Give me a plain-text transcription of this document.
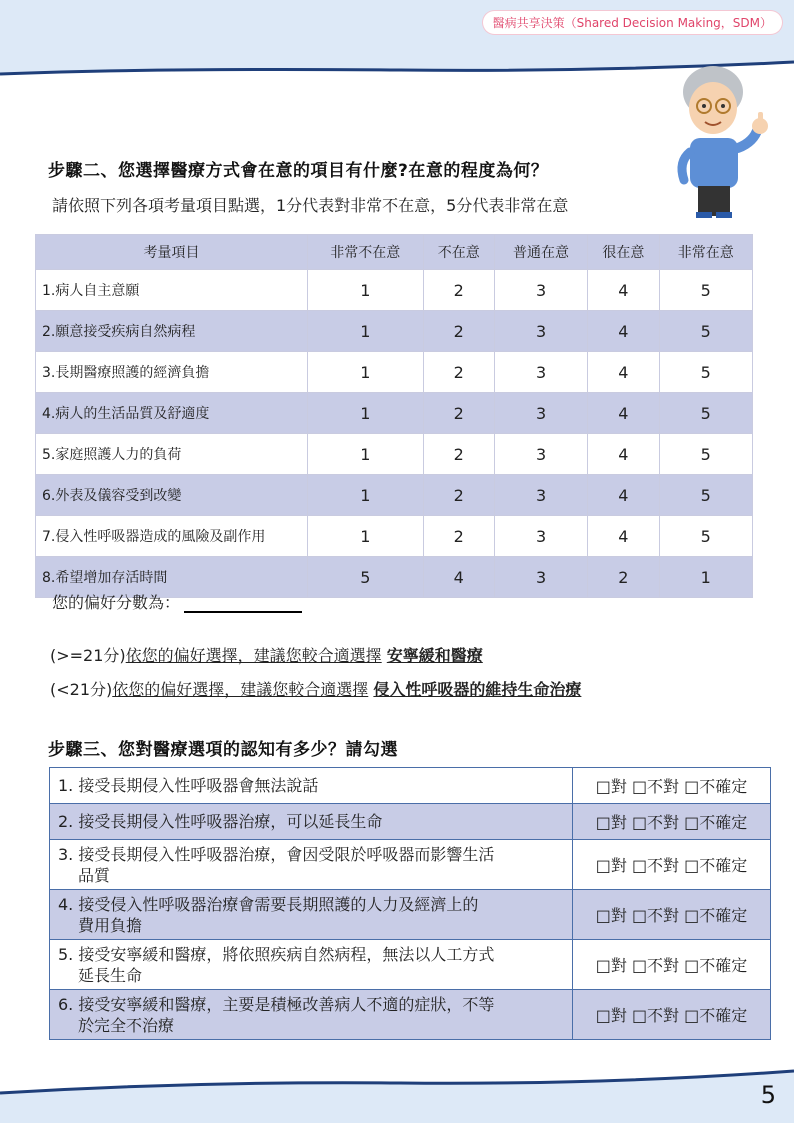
醫病共享決策（Shared Decision Making，SDM）
步驟二、您選擇醫療方式會在意的項目有什麼?在意的程度為何？
請依照下列各項考量項目點選，1分代表對非常不在意，5分代表非常在意
考量項目	非常不在意	不在意	普通在意	很在意	非常在意
1.病人自主意願	1	2	3	4	5
2.願意接受疾病自然病程	1	2	3	4	5
3.長期醫療照護的經濟負擔	1	2	3	4	5
4.病人的生活品質及舒適度	1	2	3	4	5
5.家庭照護人力的負荷	1	2	3	4	5
6.外表及儀容受到改變	1	2	3	4	5
7.侵入性呼吸器造成的風險及副作用	1	2	3	4	5
8.希望增加存活時間	5	4	3	2	1
您的偏好分數為：
(>=21分)依您的偏好選擇，建議您較合適選擇 安寧緩和醫療
(<21分)依您的偏好選擇，建議您較合適選擇 侵入性呼吸器的維持生命治療
步驟三、您對醫療選項的認知有多少？請勾選
1. 接受長期侵入性呼吸器會無法說話	□對 □不對 □不確定
2. 接受長期侵入性呼吸器治療，可以延長生命	□對 □不對 □不確定
3. 接受長期侵入性呼吸器治療，會因受限於呼吸器而影響生活
品質	□對 □不對 □不確定
4. 接受侵入性呼吸器治療會需要長期照護的人力及經濟上的
費用負擔	□對 □不對 □不確定
5. 接受安寧緩和醫療，將依照疾病自然病程，無法以人工方式
延長生命	□對 □不對 □不確定
6. 接受安寧緩和醫療，主要是積極改善病人不適的症狀，不等
於完全不治療	□對 □不對 □不確定
5
